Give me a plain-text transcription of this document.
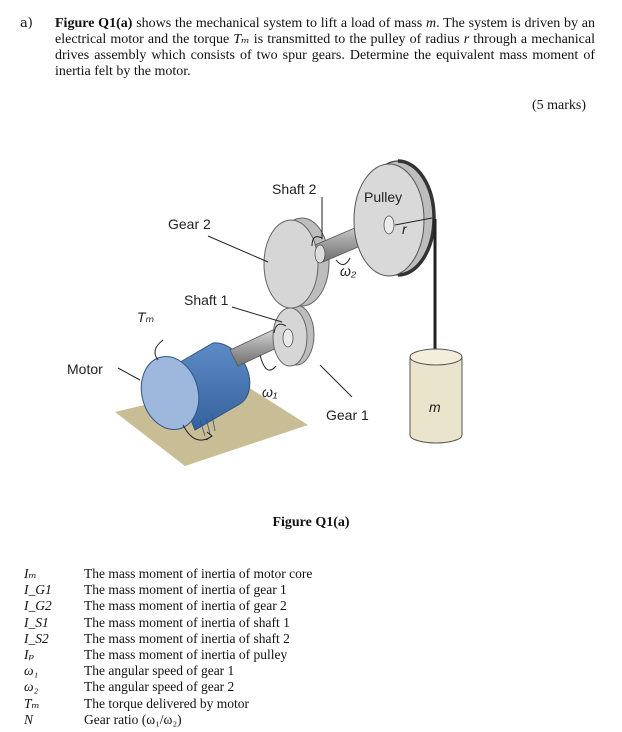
a) Figure Q1(a) shows the mechanical system to lift a load of mass m. The system is driven by an electrical motor and the torque Tₘ is transmitted to the pulley of radius r through a mechanical drives assembly which consists of two spur gears. Determine the equivalent mass moment of inertia felt by the motor.
(5 marks)
Shaft 2	Pulley
r
Gear 2
ω₂
Shaft 1
Tₘ
Motor
ω₁
Gear 1	m
Figure Q1(a)
Iₘ	The mass moment of inertia of motor core
I_G1 The mass moment of inertia of gear 1
I_G2 The mass moment of inertia of gear 2
I_S1	The mass moment of inertia of shaft 1
I_S2	The mass moment of inertia of shaft 2
Iₚ	The mass moment of inertia of pulley
ω₁	The angular speed of gear 1
ω₂	The angular speed of gear 2
Tₘ	The torque delivered by motor
N	Gear ratio (ω₁/ω₂)
